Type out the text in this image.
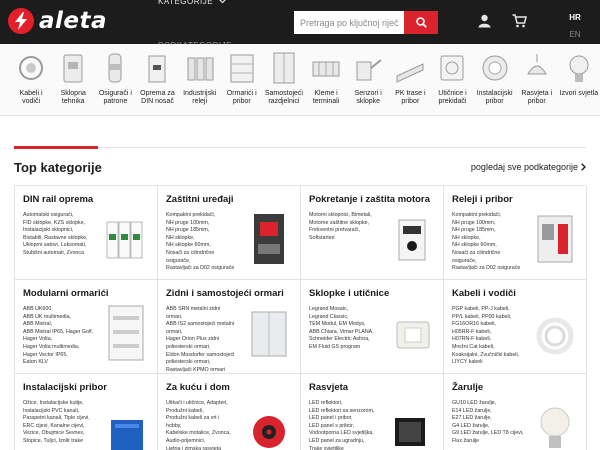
aleta
KATEGORIJE
Pretraga po ključnoj riječi
HR
EN
Kabeli i vodiči
Sklopna tehnika
Osigurači i patrone
Oprema za DIN nosač
Industrijski releji
Ormarići i pribor
Samostojeći razdjelnici
Kleme i terminali
Senzori i sklopke
PK trase i pribor
Utičnice i prekidači
Instalacijski pribor
Rasvjeta i pribor
Izvori svjetla
Top kategorije	pogledaj sve podkategorije
DIN rail oprema
Automatski osigurači,
FID sklopke, KZS sklopke,
Instalacijski sklopnici,
Bistabili, Rastavne sklopke,
Ukloprni satovi, Luksomati,
Stubišni automati, Zvonca
Zaštitni uređaji
Kompaktni prekidači,
NH pruge 100mm,
NH pruge 185mm,
NH sklopke,
NH sklopke 60mm,
Nosači za cilindrične
osigurače,
Rastavljači za D02 osigurače
Pokretanje i zaštita motora
Motorni sklopnici, Bimetali,
Motorne zaštitne sklopke,
Frekventni pretvarači,
Softstarteri
Releji i pribor
Kompaktni prekidači,
NH pruge 100mm,
NH pruge 185mm,
NH sklopke,
NH sklopke 60mm,
Nosači za cilindrične
osigurače,
Rastavljači za D02 osigurače
Modularni ormarići
ABB UK600,
ABB UK multimedia,
ABB Mistral,
ABB Mistral IP65, Hager Golf,
Hager Volta,
Hager Volta multimedia,
Hager Vector IP65,
Eaton KLV
Zidni i samostojeći ormari
ABB SRN metalni zidni
ormari,
ABB IS2 samostojeći metalni
ormari,
Hager Orion Plus zidni
poliesterski ormari,
Eldon Mosdorfer samostojeći
poliesterski ormari,
Rastavljači KPMO ormari
Sklopke i utičnice
Legrand Mosaic,
Legrand Classic,
TEM Modul, EM Modys,
ABB Chiara, Vimar PLANA,
Schneider Electric Asfora,
EM Fluid GS program
Kabeli i vodiči
PGP kabeli, PP-J kabeli,
PP/L kabeli, PP00 kabeli,
FG16OR16 kabeli,
H05RR-F kabeli,
H07RN-F kabeli,
Mrežni Cat kabeli,
Koaksijalni, Zvučnički kabeli,
LIYCY kabeli
Instalacijski pribor
Ožice, Instalacijske kutije,
Instalacijski PVC kanali,
Parapetni kanali, Tiple cijevi,
ERC cijevi, Kanalne cijevi,
Vezice, Obujmice Sevnex,
Stopice, Tuljci, Izolir trake
Za kuću i dom
Utikači i utičnice, Adapteri,
Produžni kabeli,
Produžni kabeli za vrt i
hobby,
Kabelske motalice, Zvonca,
Audio-prijemnici,
Ljetna i zimska rasvjeta
Rasvjeta
LED reflektori,
LED reflektori sa senzorom,
LED panel i pribor,
LED panel s pribor,
Vodootporna LED svjetiljka,
LED panel za ugradnju,
Trake svjetiljke
Žarulje
GU10 LED žarulje,
E14 LED žarulje,
E27 LED žarulje,
G4 LED žarulje,
G9 LED žarulje, LED T8 cijevi,
Flux žarulje
